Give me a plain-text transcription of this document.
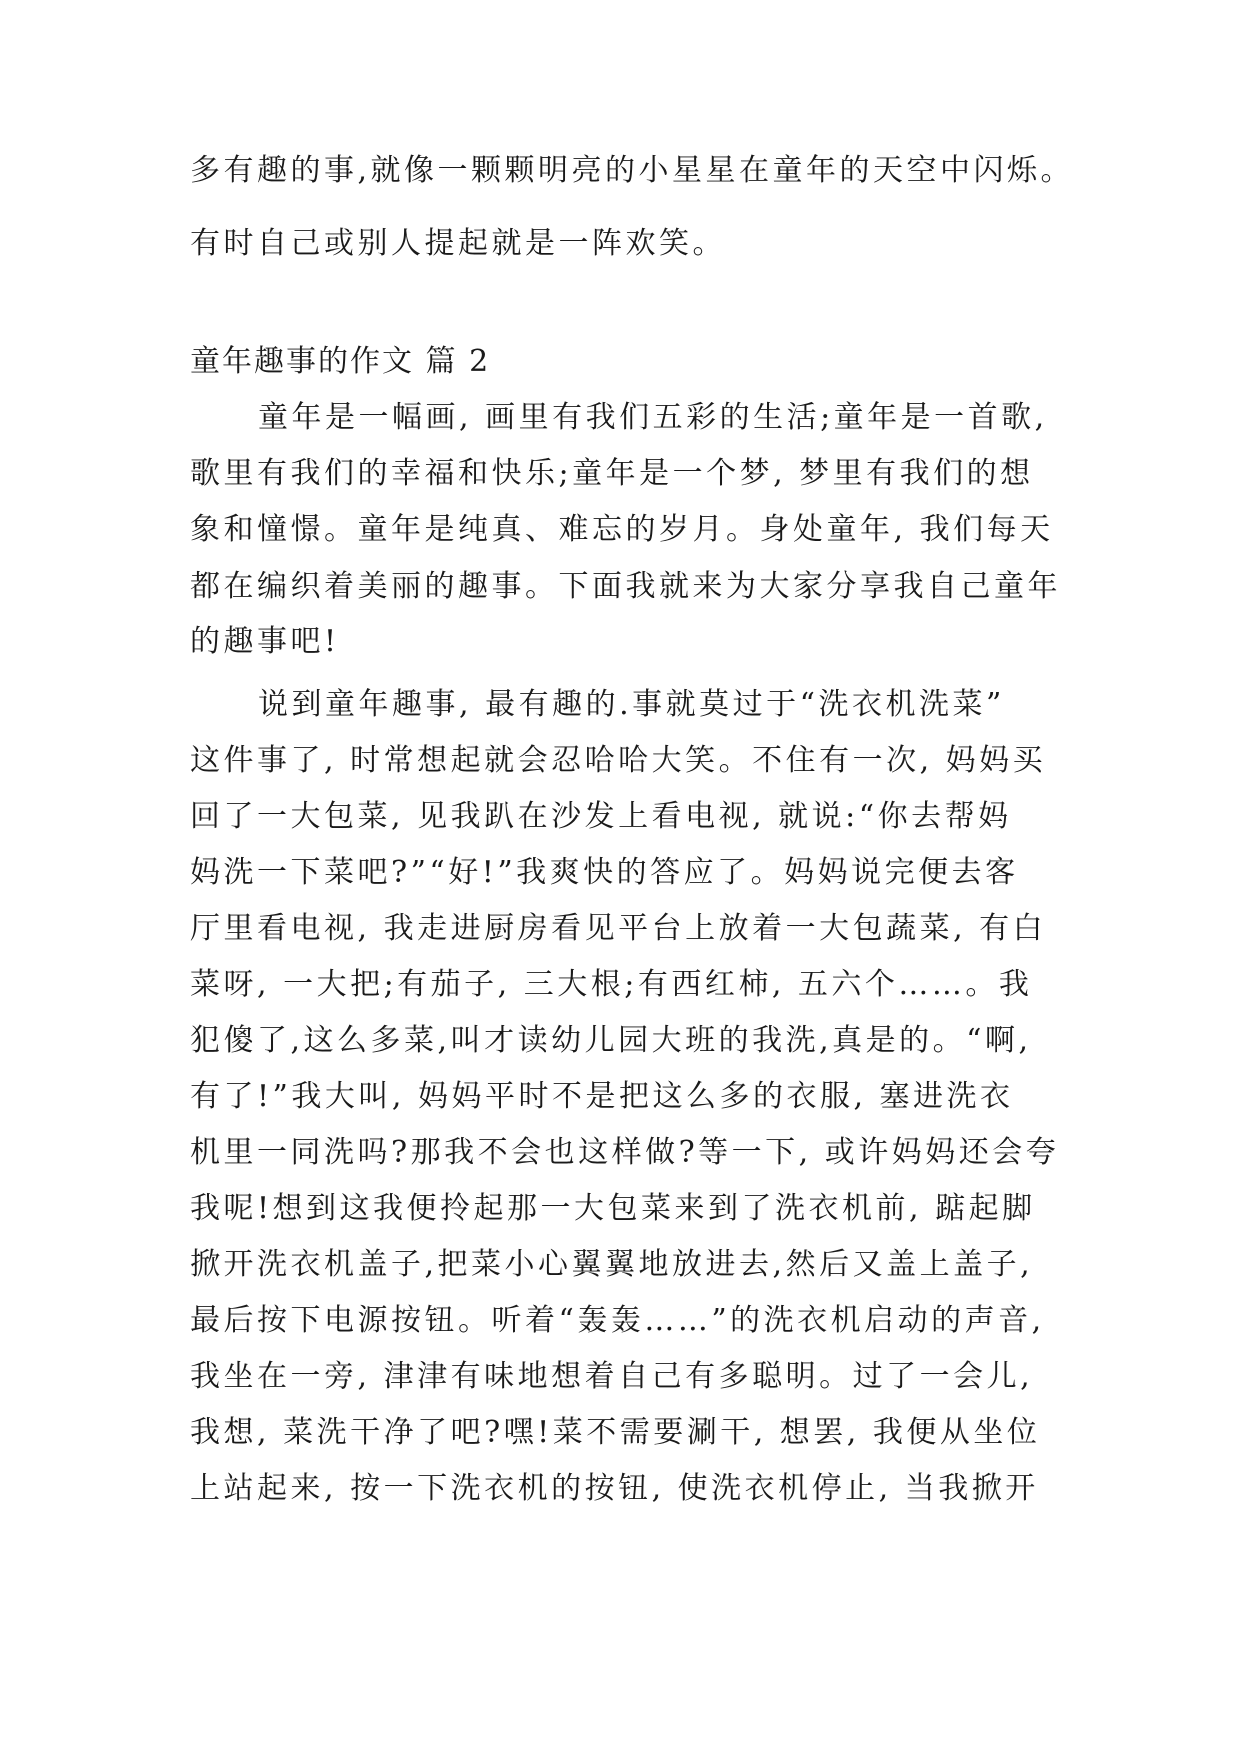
多有趣的事,就像一颗颗明亮的小星星在童年的天空中闪烁。
有时自己或别人提起就是一阵欢笑。
童年趣事的作文 篇 2
童年是一幅画, 画里有我们五彩的生活;童年是一首歌,
歌里有我们的幸福和快乐;童年是一个梦, 梦里有我们的想
象和憧憬。童年是纯真、难忘的岁月。身处童年, 我们每天
都在编织着美丽的趣事。下面我就来为大家分享我自己童年
的趣事吧!
说到童年趣事, 最有趣的.事就莫过于“洗衣机洗菜”
这件事了, 时常想起就会忍哈哈大笑。不住有一次, 妈妈买
回了一大包菜, 见我趴在沙发上看电视, 就说:“你去帮妈
妈洗一下菜吧?”“好!”我爽快的答应了。妈妈说完便去客
厅里看电视, 我走进厨房看见平台上放着一大包蔬菜, 有白
菜呀, 一大把;有茄子, 三大根;有西红柿, 五六个……。我
犯傻了,这么多菜,叫才读幼儿园大班的我洗,真是的。“啊,
有了!”我大叫, 妈妈平时不是把这么多的衣服, 塞进洗衣
机里一同洗吗?那我不会也这样做?等一下, 或许妈妈还会夸
我呢!想到这我便拎起那一大包菜来到了洗衣机前, 踮起脚
掀开洗衣机盖子,把菜小心翼翼地放进去,然后又盖上盖子,
最后按下电源按钮。听着“轰轰……”的洗衣机启动的声音,
我坐在一旁, 津津有味地想着自己有多聪明。过了一会儿,
我想, 菜洗干净了吧?嘿!菜不需要涮干, 想罢, 我便从坐位
上站起来, 按一下洗衣机的按钮, 使洗衣机停止, 当我掀开
